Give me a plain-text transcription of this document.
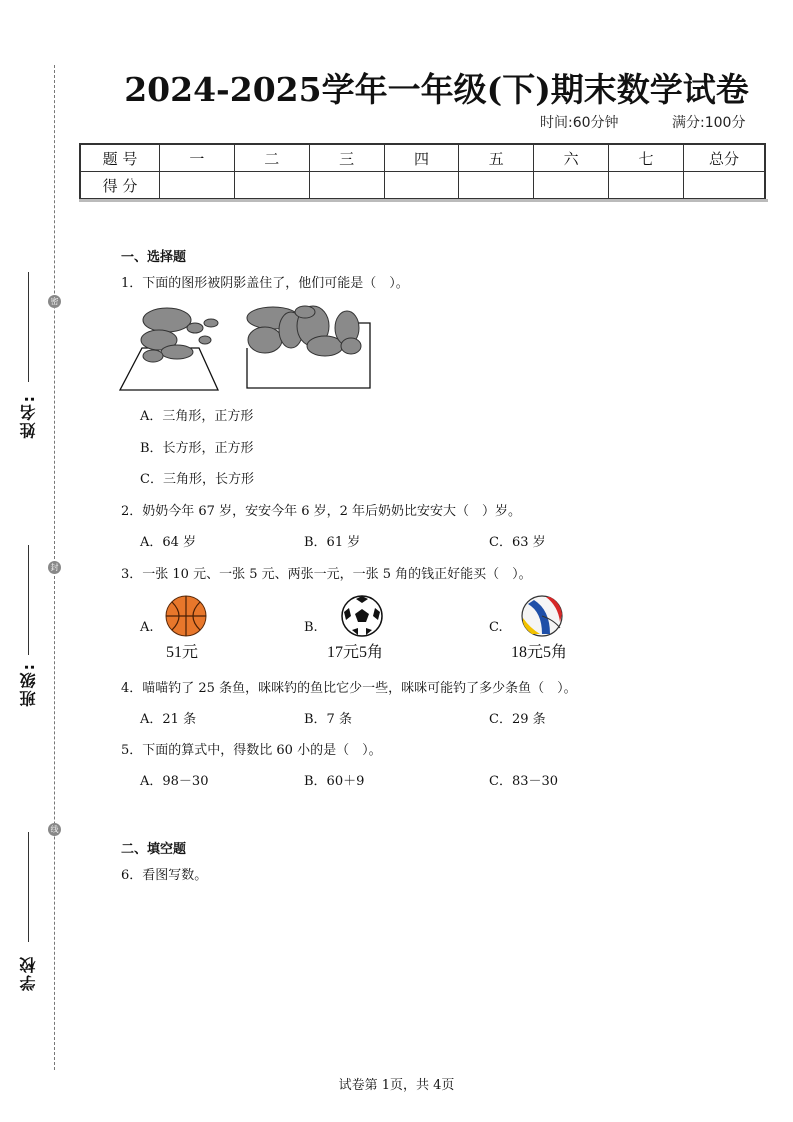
密
封
线
姓名:
班级:
学校
2024-2025学年一年级(下)期末数学试卷
时间:60分钟	满分:100分
题 号	一	二	三	四	五	六	七	总分
得 分								
一、选择题
1．下面的图形被阴影盖住了，他们可能是（　）。
A．三角形，正方形
B．长方形，正方形
C．三角形，长方形
2．奶奶今年 67 岁，安安今年 6 岁，2 年后奶奶比安安大（　）岁。
A．64 岁	B．61 岁	C．63 岁
3．一张 10 元、一张 5 元、两张一元，一张 5 角的钱正好能买（　）。
A.
51元
B.
17元5角
C.
18元5角
4．喵喵钓了 25 条鱼，咪咪钓的鱼比它少一些，咪咪可能钓了多少条鱼（　）。
A．21 条	B．7 条	C．29 条
5．下面的算式中，得数比 60 小的是（　）。
A．98－30	B．60＋9	C．83－30
二、填空题
6．看图写数。
试卷第 1页，共 4页
